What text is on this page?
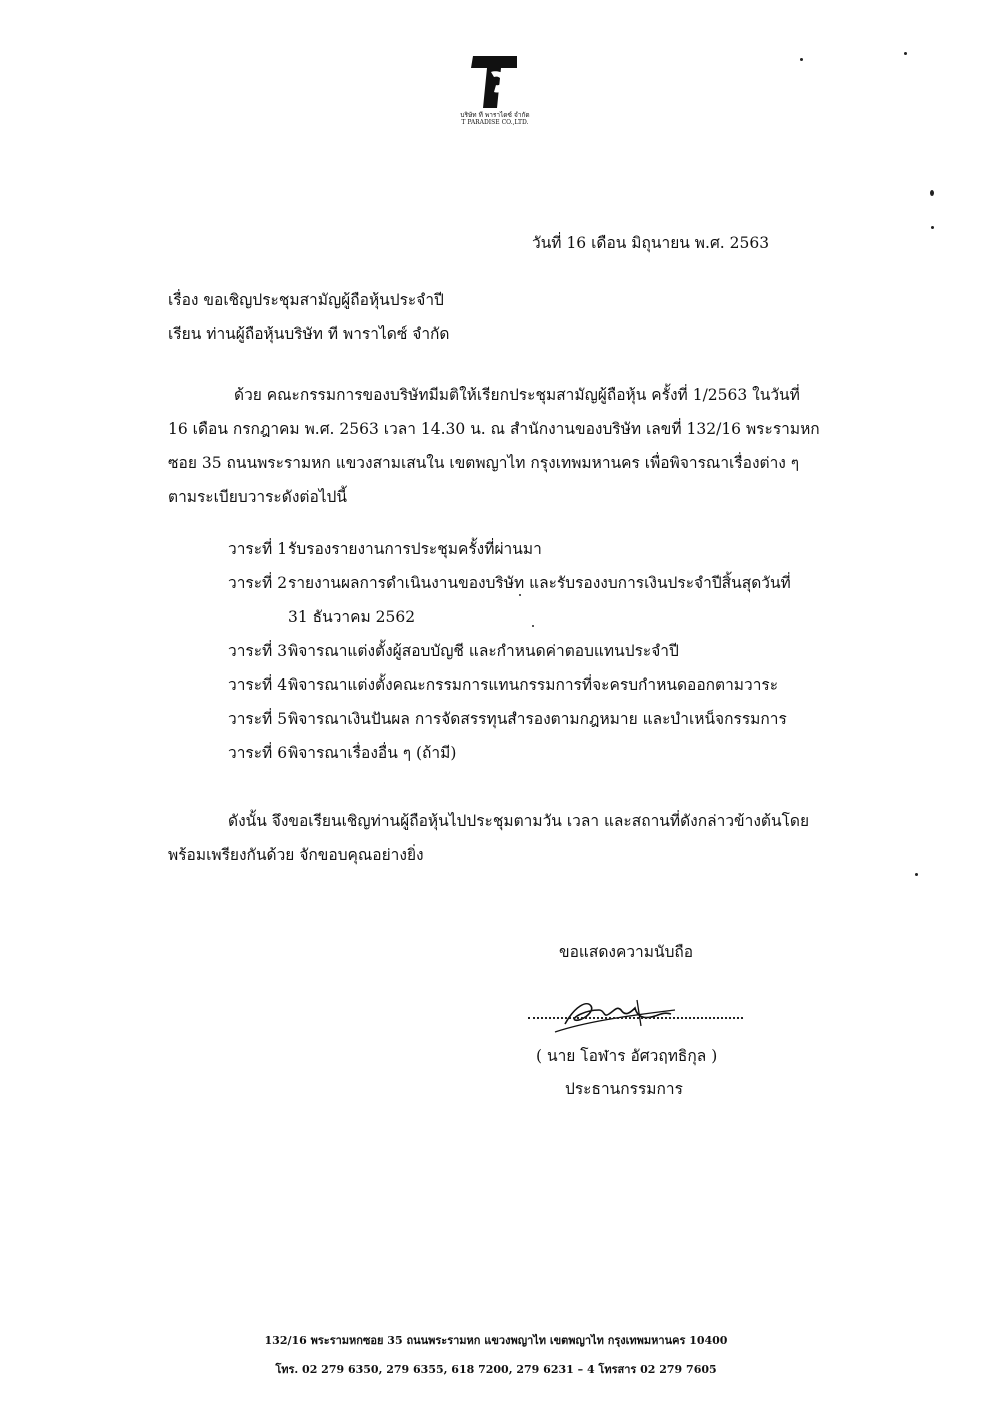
บริษัท ที พาราไดซ์ จำกัด
T PARADISE CO.,LTD.
วันที่ 16 เดือน มิถุนายน พ.ศ. 2563
เรื่อง ขอเชิญประชุมสามัญผู้ถือหุ้นประจำปี
เรียน ท่านผู้ถือหุ้นบริษัท ที พาราไดซ์ จำกัด
ด้วย คณะกรรมการของบริษัทมีมติให้เรียกประชุมสามัญผู้ถือหุ้น ครั้งที่ 1/2563 ในวันที่
16 เดือน กรกฎาคม พ.ศ. 2563 เวลา 14.30 น. ณ สำนักงานของบริษัท เลขที่ 132/16 พระรามหก
ซอย 35 ถนนพระรามหก แขวงสามเสนใน เขตพญาไท กรุงเทพมหานคร เพื่อพิจารณาเรื่องต่าง ๆ
ตามระเบียบวาระดังต่อไปนี้
วาระที่ 1รับรองรายงานการประชุมครั้งที่ผ่านมา
วาระที่ 2รายงานผลการดำเนินงานของบริษัท และรับรองงบการเงินประจำปีสิ้นสุดวันที่
31 ธันวาคม 2562
วาระที่ 3พิจารณาแต่งตั้งผู้สอบบัญชี และกำหนดค่าตอบแทนประจำปี
วาระที่ 4พิจารณาแต่งตั้งคณะกรรมการแทนกรรมการที่จะครบกำหนดออกตามวาระ
วาระที่ 5พิจารณาเงินปันผล การจัดสรรทุนสำรองตามกฎหมาย และบำเหน็จกรรมการ
วาระที่ 6พิจารณาเรื่องอื่น ๆ (ถ้ามี)
ดังนั้น จึงขอเรียนเชิญท่านผู้ถือหุ้นไปประชุมตามวัน เวลา และสถานที่ดังกล่าวข้างต้นโดย
พร้อมเพรียงกันด้วย จักขอบคุณอย่างยิ่ง
ขอแสดงความนับถือ
( นาย โอฬาร อัศวฤทธิกุล )
ประธานกรรมการ
132/16 พระรามหกซอย 35 ถนนพระรามหก แขวงพญาไท เขตพญาไท กรุงเทพมหานคร 10400
โทร. 02 279 6350, 279 6355, 618 7200, 279 6231 – 4 โทรสาร 02 279 7605
